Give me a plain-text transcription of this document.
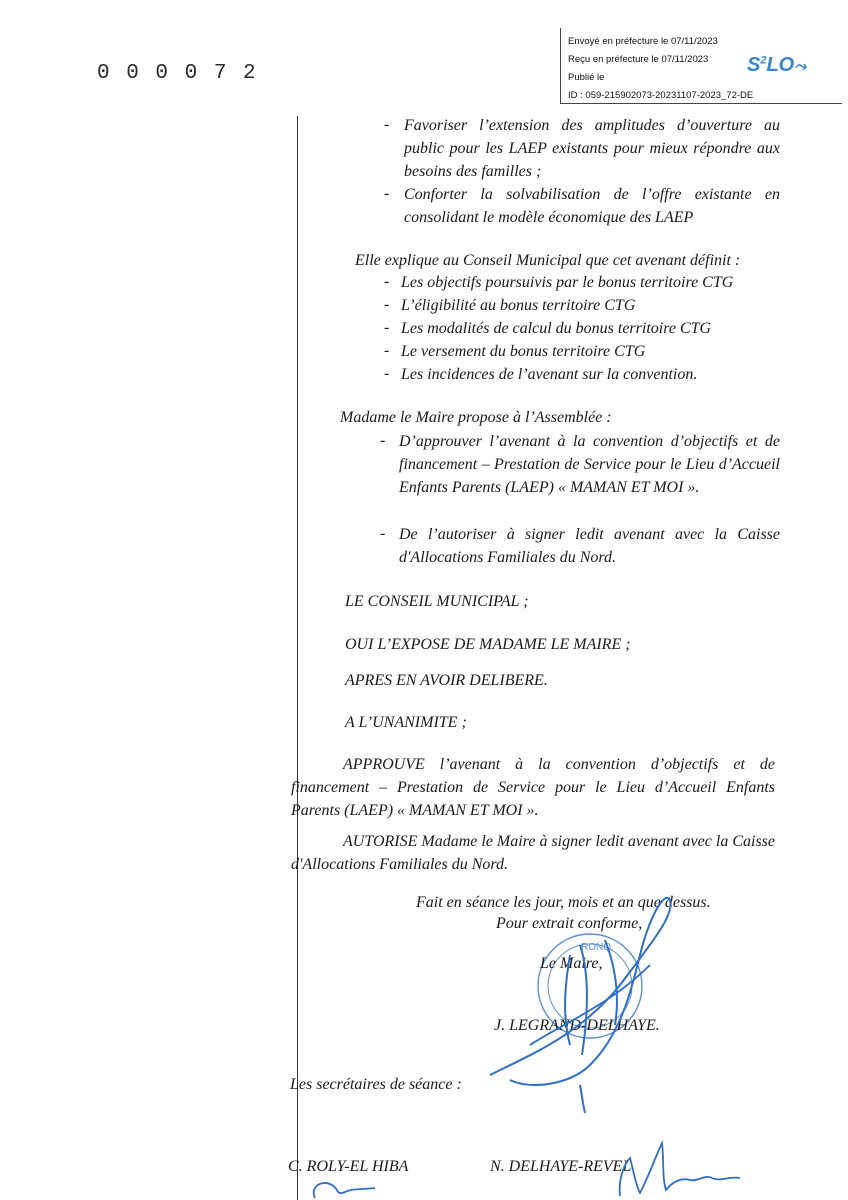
0 0 0 0 7 2
Envoyé en préfecture le 07/11/2023
Reçu en préfecture le 07/11/2023
Publié le
ID : 059-215902073-20231107-2023_72-DE
$S^2LO⤳$
- Favoriser l’extension des amplitudes d’ouverture au public pour les LAEP existants pour mieux répondre aux besoins des familles ;
- Conforter la solvabilisation de l’offre existante en consolidant le modèle économique des LAEP
Elle explique au Conseil Municipal que cet avenant définit :
- Les objectifs poursuivis par le bonus territoire CTG
- L’éligibilité au bonus territoire CTG
- Les modalités de calcul du bonus territoire CTG
- Le versement du bonus territoire CTG
- Les incidences de l’avenant sur la convention.
Madame le Maire propose à l’Assemblée :
- D’approuver l’avenant à la convention d’objectifs et de financement – Prestation de Service pour le Lieu d’Accueil Enfants Parents (LAEP) « MAMAN ET MOI ».
- De l’autoriser à signer ledit avenant avec la Caisse d'Allocations Familiales du Nord.
LE CONSEIL MUNICIPAL ;
OUI L’EXPOSE DE MADAME LE MAIRE ;
APRES EN AVOIR DELIBERE.
A L’UNANIMITE ;
APPROUVE l’avenant à la convention d’objectifs et de financement – Prestation de Service pour le Lieu d’Accueil Enfants Parents (LAEP) « MAMAN ET MOI ».
AUTORISE Madame le Maire à signer ledit avenant avec la Caisse d'Allocations Familiales du Nord.
Fait en séance les jour, mois et an que dessus.
Pour extrait conforme,
RONQ
Le Maire,
J. LEGRAND-DELHAYE.
Les secrétaires de séance :
C. ROLY-EL HIBA	N. DELHAYE-REVEL
